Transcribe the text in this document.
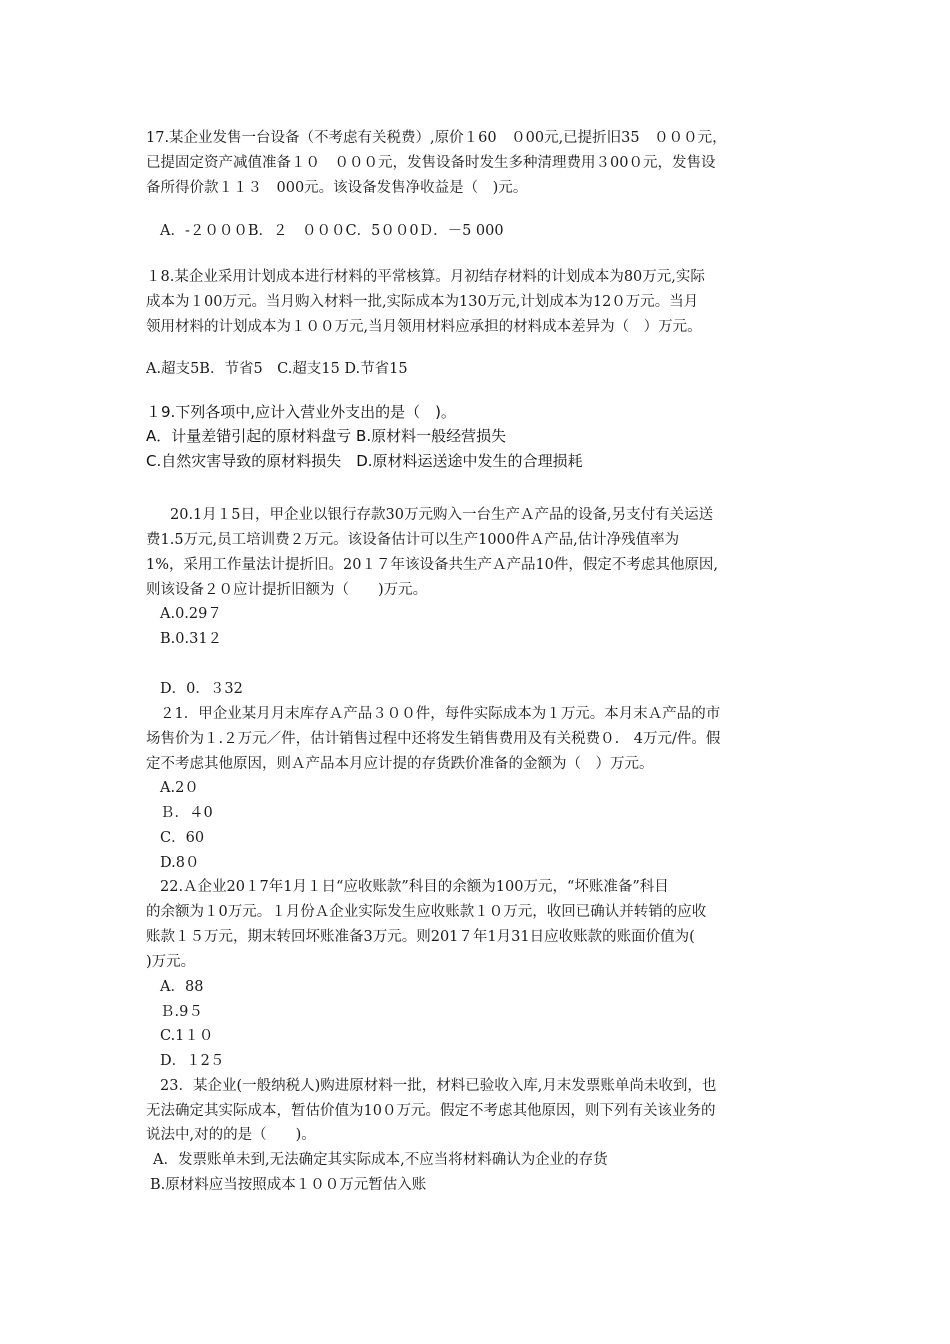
17.某企业发售一台设备（不考虑有关税费）,原价１60　０00元,已提折旧35　０００元，
已提固定资产减值准备１０　０００元，发售设备时发生多种清理费用３00０元，发售设
备所得价款１１３　000元。该设备发售净收益是（　)元。
A．-２０００B．２　０００C．5００0Ｄ．－5 000
１8.某企业采用计划成本进行材料的平常核算。月初结存材料的计划成本为80万元,实际
成本为１00万元。当月购入材料一批,实际成本为130万元,计划成本为12０万元。当月
领用材料的计划成本为１００万元,当月领用材料应承担的材料成本差异为（　）万元。
A.超支5B．节省5　C.超支15 D.节省15
１9.下列各项中,应计入营业外支出的是（　)。
A．计量差错引起的原材料盘亏 B.原材料一般经营损失
C.自然灾害导致的原材料损失　D.原材料运送途中发生的合理损耗
20.1月１5日，甲企业以银行存款30万元购入一台生产Ａ产品的设备,另支付有关运送
费1.5万元,员工培训费２万元。该设备估计可以生产1000件Ａ产品,估计净残值率为
1%，采用工作量法计提折旧。20１７年该设备共生产Ａ产品10件，假定不考虑其他原因,
则该设备２０应计提折旧额为（　　)万元。
A.0.29７
B.0.31２
D．0．３32
２1．甲企业某月月末库存Ａ产品３００件，每件实际成本为１万元。本月末Ａ产品的市
场售价为１.２万元／件，估计销售过程中还将发生销售费用及有关税费０.　4万元/件。假
定不考虑其他原因，则Ａ产品本月应计提的存货跌价准备的金额为（　）万元。
A.2０
Ｂ．４0
C．60
D.8０
22.Ａ企业20１7年1月１日“应收账款”科目的余额为100万元，“坏账准备”科目
的余额为１0万元。１月份Ａ企业实际发生应收账款１０万元，收回已确认并转销的应收
账款１５万元，期末转回坏账准备3万元。则201７年1月31日应收账款的账面价值为(
)万元。
A．88
Ｂ.9５
C.1１０
D．１2５
23．某企业(一般纳税人)购进原材料一批，材料已验收入库,月末发票账单尚未收到，也
无法确定其实际成本，暂估价值为10０万元。假定不考虑其他原因，则下列有关该业务的
说法中,对的的是（　　)。
A．发票账单未到,无法确定其实际成本,不应当将材料确认为企业的存货
B.原材料应当按照成本１００万元暂估入账
